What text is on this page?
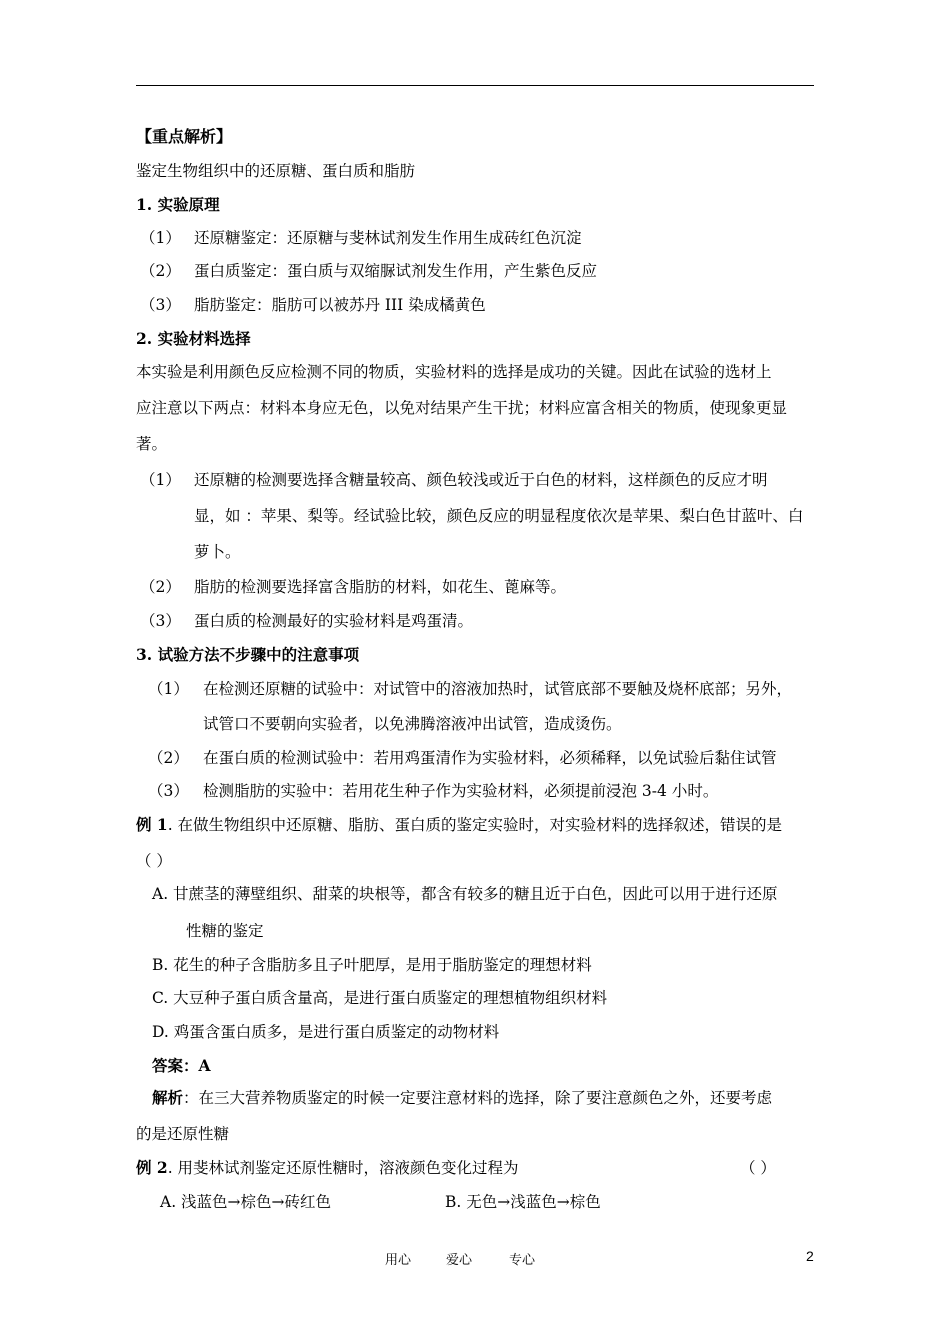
【重点解析】
鉴定生物组织中的还原糖、蛋白质和脂肪
1. 实验原理
（1） 还原糖鉴定：还原糖与斐林试剂发生作用生成砖红色沉淀
（2） 蛋白质鉴定：蛋白质与双缩脲试剂发生作用，产生紫色反应
（3） 脂肪鉴定：脂肪可以被苏丹 III 染成橘黄色
2. 实验材料选择
本实验是利用颜色反应检测不同的物质，实验材料的选择是成功的关键。因此在试验的选材上
应注意以下两点：材料本身应无色，以免对结果产生干扰；材料应富含相关的物质，使现象更显
著。
（1） 还原糖的检测要选择含糖量较高、颜色较浅或近于白色的材料，这样颜色的反应才明
显，如 ：苹果、梨等。经试验比较，颜色反应的明显程度依次是苹果、梨白色甘蓝叶、白
萝卜。
（2） 脂肪的检测要选择富含脂肪的材料，如花生、蓖麻等。
（3） 蛋白质的检测最好的实验材料是鸡蛋清。
3. 试验方法不步骤中的注意事项
（1） 在检测还原糖的试验中：对试管中的溶液加热时，试管底部不要触及烧杯底部；另外，
试管口不要朝向实验者，以免沸腾溶液冲出试管，造成烫伤。
（2） 在蛋白质的检测试验中：若用鸡蛋清作为实验材料，必须稀释，以免试验后黏住试管
（3） 检测脂肪的实验中：若用花生种子作为实验材料，必须提前浸泡 3-4 小时。
例 1. 在做生物组织中还原糖、脂肪、蛋白质的鉴定实验时，对实验材料的选择叙述，错误的是
（ ）
A. 甘蔗茎的薄壁组织、甜菜的块根等，都含有较多的糖且近于白色，因此可以用于进行还原
性糖的鉴定
B. 花生的种子含脂肪多且子叶肥厚，是用于脂肪鉴定的理想材料
C. 大豆种子蛋白质含量高，是进行蛋白质鉴定的理想植物组织材料
D. 鸡蛋含蛋白质多，是进行蛋白质鉴定的动物材料
答案：A
解析：在三大营养物质鉴定的时候一定要注意材料的选择，除了要注意颜色之外，还要考虑
的是还原性糖
例 2. 用斐林试剂鉴定还原性糖时，溶液颜色变化过程为	（ ）
A. 浅蓝色→棕色→砖红色	B. 无色→浅蓝色→棕色
用心	爱心	专心	2
